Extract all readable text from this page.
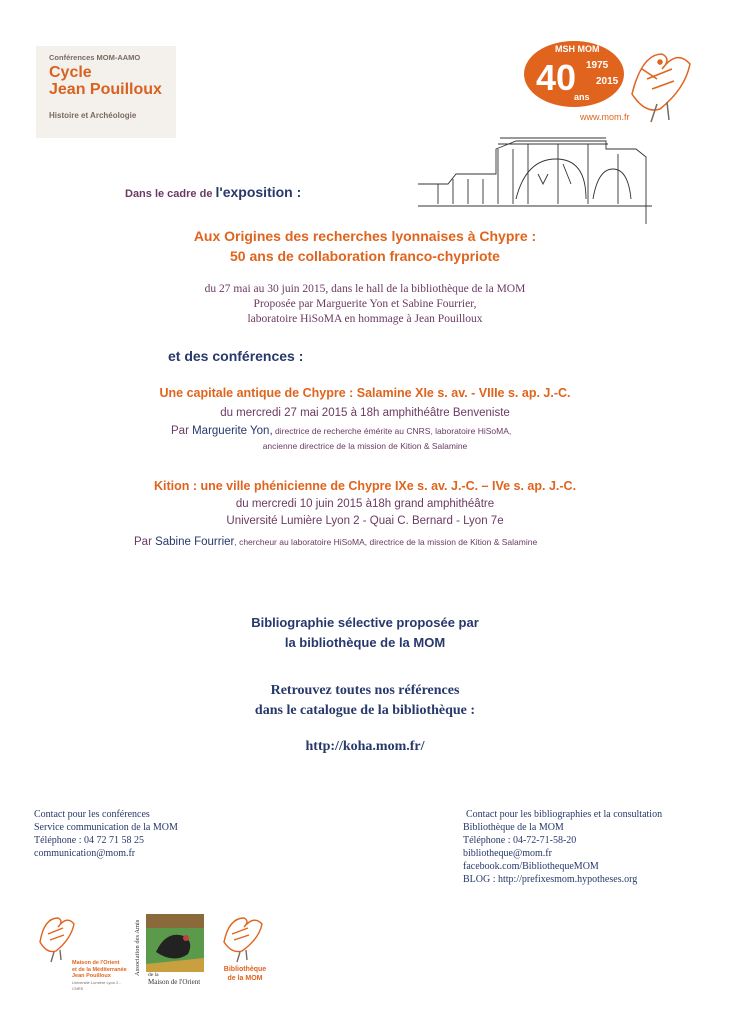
Conférences MOM-AAMO
Cycle
Jean Pouilloux
Histoire et Archéologie
MSH MOM
40
ans
1975
2015
www.mom.fr
Dans le cadre de l'exposition :
Aux Origines des recherches lyonnaises à Chypre :
50 ans de collaboration franco-chypriote
du 27 mai au 30 juin 2015, dans le hall de la bibliothèque de la MOM
Proposée par Marguerite Yon et Sabine Fourrier,
laboratoire HiSoMA en hommage à Jean Pouilloux
et des conférences :
Une capitale antique de Chypre : Salamine XIe s. av. - VIIIe s. ap. J.-C.
du mercredi 27 mai 2015 à 18h amphithéâtre Benveniste
Par Marguerite Yon, directrice de recherche émérite au CNRS, laboratoire HiSoMA,
ancienne directrice de la mission de Kition & Salamine
Kition : une ville phénicienne de Chypre IXe s. av. J.-C. – IVe s. ap. J.-C.
du mercredi 10 juin 2015 à18h grand amphithéâtre
Université Lumière Lyon 2 - Quai C. Bernard - Lyon 7e
Par Sabine Fourrier, chercheur au laboratoire HiSoMA, directrice de la mission de Kition & Salamine
Bibliographie sélective proposée par
la bibliothèque de la MOM
Retrouvez toutes nos références
dans le catalogue de la bibliothèque :
http://koha.mom.fr/
Contact pour les conférences
Service communication de la MOM
Téléphone : 04 72 71 58 25
communication@mom.fr
Contact pour les bibliographies et la consultation
Bibliothèque de la MOM
Téléphone : 04-72-71-58-20
bibliotheque@mom.fr
facebook.com/BibliothequeMOM
BLOG : http://prefixesmom.hypotheses.org
Maison de l'Orient
et de la Méditerranée
Jean Pouilloux
Université Lumière Lyon 2 - CNRS
Association des Amis	de la
Maison de l'Orient
Bibliothèque
de la MOM
